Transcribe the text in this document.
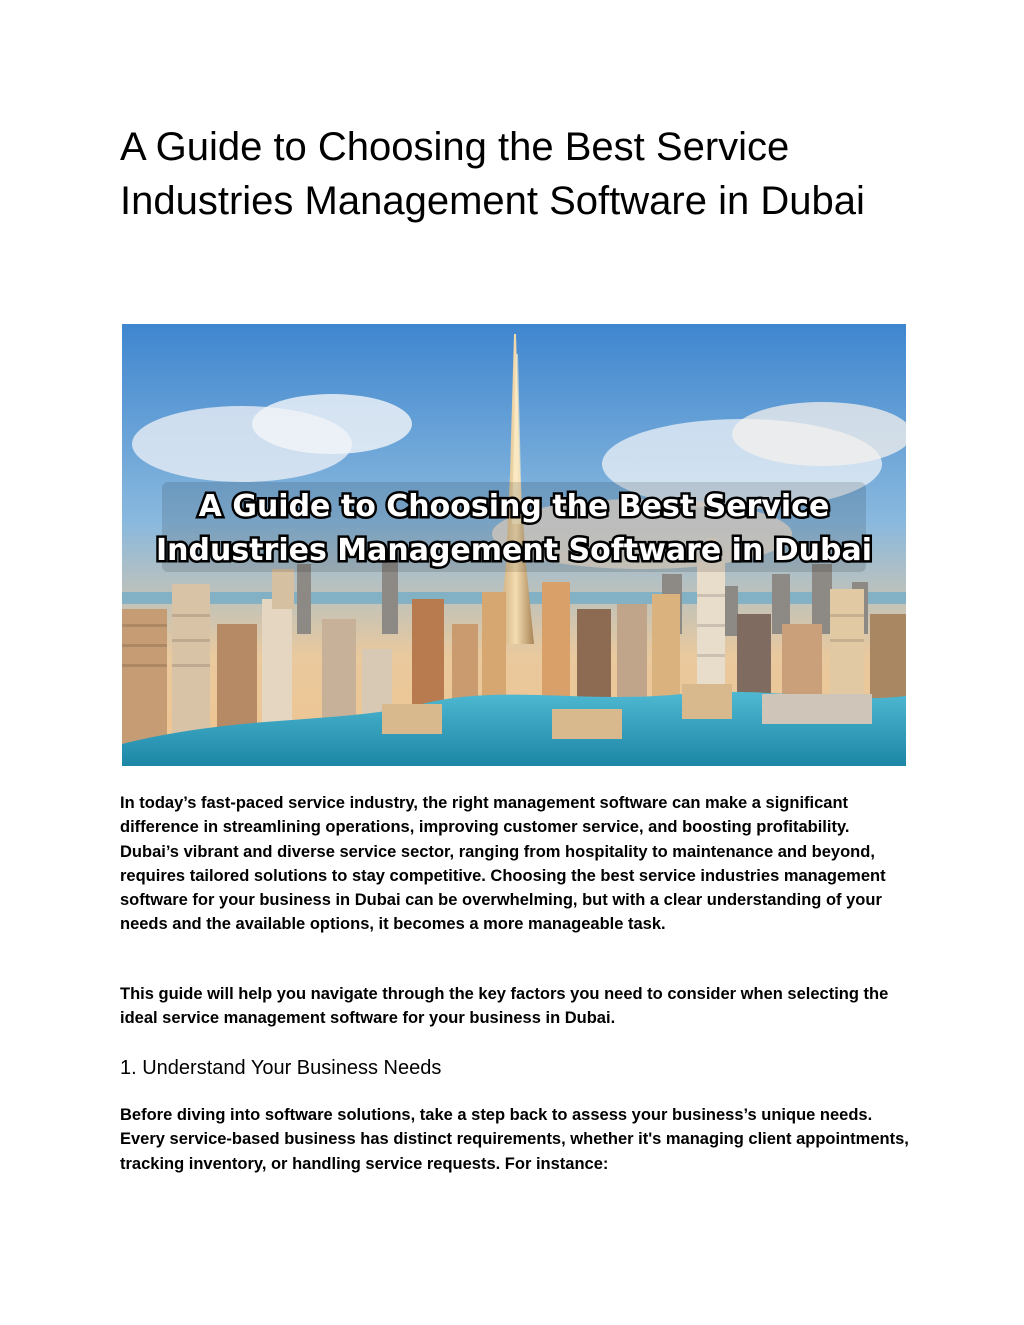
A Guide to Choosing the Best Service Industries Management Software in Dubai
A Guide to Choosing the Best Service
Industries Management Software in Dubai

In today’s fast-paced service industry, the right management software can make a significant difference in streamlining operations, improving customer service, and boosting profitability. Dubai’s vibrant and diverse service sector, ranging from hospitality to maintenance and beyond, requires tailored solutions to stay competitive. Choosing the best service industries management software for your business in Dubai can be overwhelming, but with a clear understanding of your needs and the available options, it becomes a more manageable task.

This guide will help you navigate through the key factors you need to consider when selecting the ideal service management software for your business in Dubai.

1. Understand Your Business Needs

Before diving into software solutions, take a step back to assess your business’s unique needs. Every service-based business has distinct requirements, whether it's managing client appointments, tracking inventory, or handling service requests. For instance:
